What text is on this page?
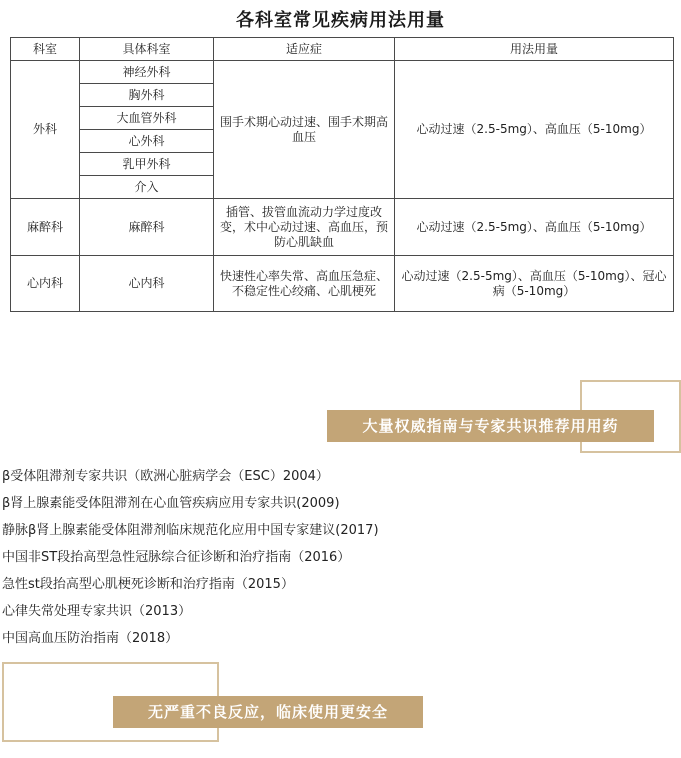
各科室常见疾病用法用量
科室	具体科室	适应症	用法用量
外科	神经外科	围手术期心动过速、围手术期高血压	心动过速（2.5-5mg）、高血压（5-10mg）
	胸外科		
	大血管外科		
	心外科		
	乳甲外科		
	介入		
麻醉科	麻醉科	插管、拔管血流动力学过度改变，术中心动过速、高血压，预防心肌缺血	心动过速（2.5-5mg）、高血压（5-10mg）
心内科	心内科	快速性心率失常、高血压急症、不稳定性心绞痛、心肌梗死	心动过速（2.5-5mg）、高血压（5-10mg）、冠心病（5-10mg）
大量权威指南与专家共识推荐用用药
β受体阻滞剂专家共识（欧洲心脏病学会（ESC）2004）
β肾上腺素能受体阻滞剂在心血管疾病应用专家共识(2009)
静脉β肾上腺素能受体阻滞剂临床规范化应用中国专家建议(2017)
中国非ST段抬高型急性冠脉综合征诊断和治疗指南（2016）
急性st段抬高型心肌梗死诊断和治疗指南（2015）
心律失常处理专家共识（2013）
中国高血压防治指南（2018）
无严重不良反应，临床使用更安全
